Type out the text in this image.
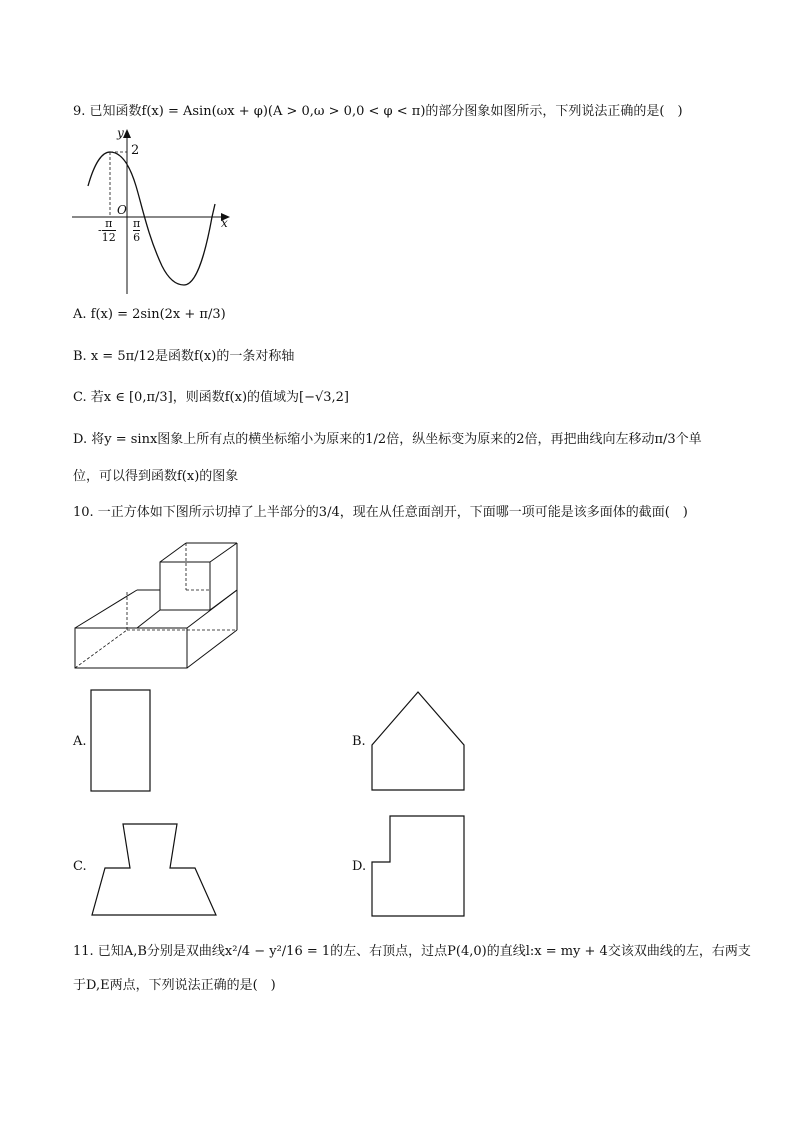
9. 已知函数f(x) = Asin(ωx + φ)(A > 0,ω > 0,0 < φ < π)的部分图象如图所示，下列说法正确的是(　)
y
2
O
x
- $\frac{\pi}{12}$ π
6
A. f(x) = 2sin(2x + π/3)
B. x = 5π/12是函数f(x)的一条对称轴
C. 若x ∈ [0,π/3]，则函数f(x)的值域为[−√3,2]
D. 将y = sinx图象上所有点的横坐标缩小为原来的1/2倍，纵坐标变为原来的2倍，再把曲线向左移动π/3个单
位，可以得到函数f(x)的图象
10. 一正方体如下图所示切掉了上半部分的3/4，现在从任意面剖开，下面哪一项可能是该多面体的截面(　)
A.	B.
C.	D.
11. 已知A,B分别是双曲线x²/4 − y²/16 = 1的左、右顶点，过点P(4,0)的直线l:x = my + 4交该双曲线的左，右两支
于D,E两点，下列说法正确的是(　)
